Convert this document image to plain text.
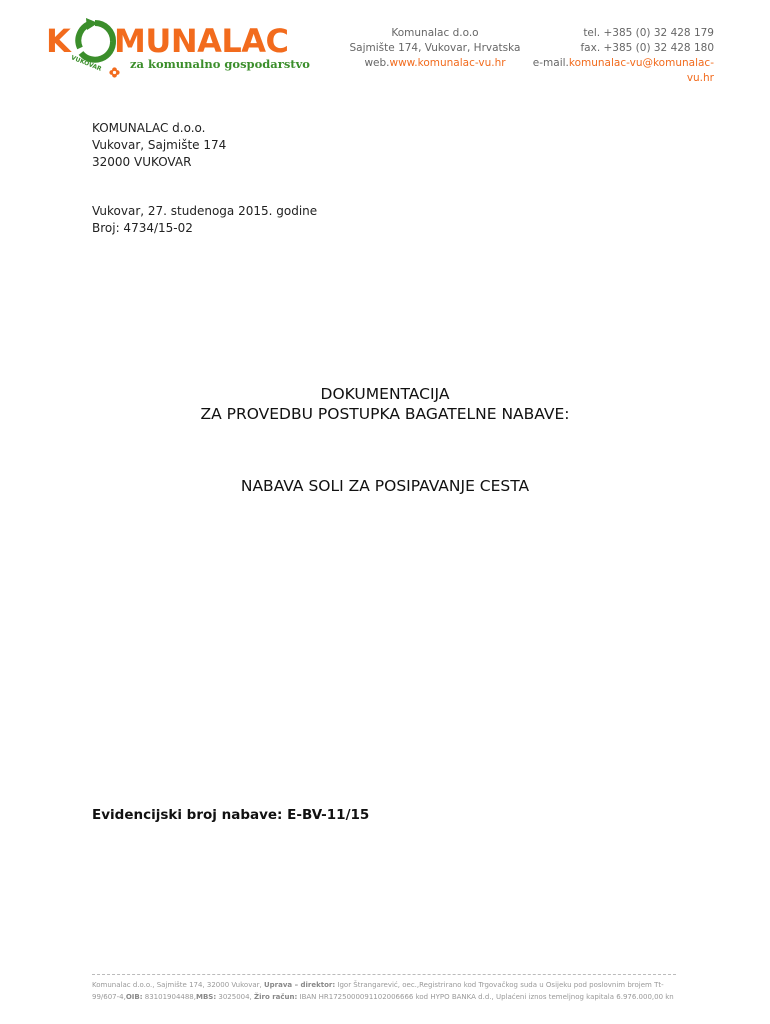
K MUNALAC
VUKOVAR za komunalno gospodarstvo
Komunalac d.o.o
Sajmište 174, Vukovar, Hrvatska
web.www.komunalac-vu.hr
tel. +385 (0) 32 428 179
fax. +385 (0) 32 428 180
e-mail.komunalac-vu@komunalac-vu.hr
KOMUNALAC d.o.o.
Vukovar, Sajmište 174
32000 VUKOVAR
Vukovar, 27. studenoga 2015. godine
Broj: 4734/15-02
DOKUMENTACIJA
ZA PROVEDBU POSTUPKA BAGATELNE NABAVE:
NABAVA SOLI ZA POSIPAVANJE CESTA
Evidencijski broj nabave: E-BV-11/15
Komunalac d.o.o., Sajmište 174, 32000 Vukovar, Uprava – direktor: Igor Štrangarević, oec.,Registrirano kod Trgovačkog suda u Osijeku pod poslovnim brojem Tt-99/607-4,OIB: 83101904488,MBS: 3025004, Žiro račun: IBAN HR1725000091102006666 kod HYPO BANKA d.d., Uplaćeni iznos temeljnog kapitala 6.976.000,00 kn
